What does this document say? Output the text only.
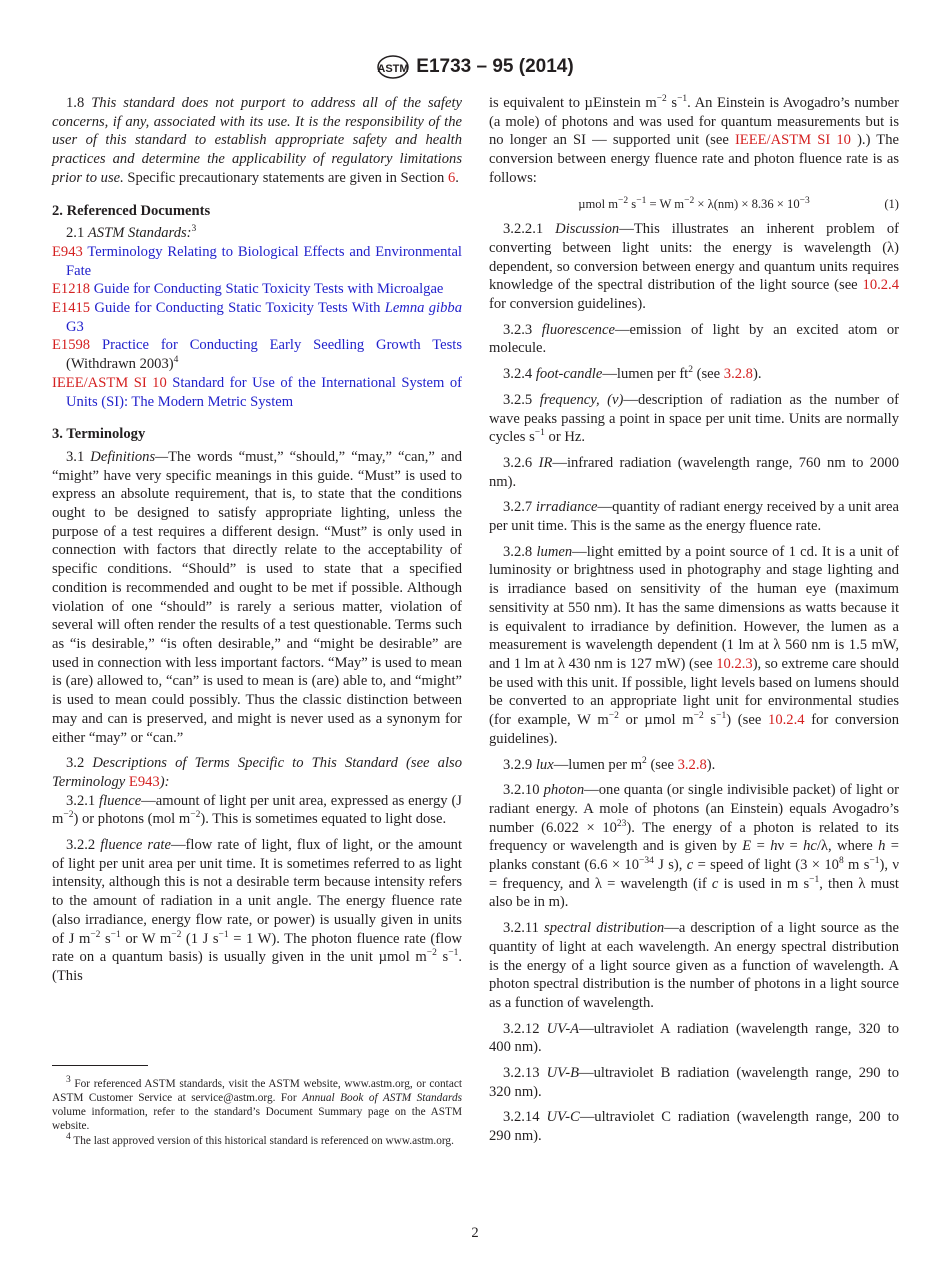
ASTM E1733 – 95 (2014)

1.8 This standard does not purport to address all of the safety concerns, if any, associated with its use. It is the responsibility of the user of this standard to establish appropriate safety and health practices and determine the applicability of regulatory limitations prior to use. Specific precautionary statements are given in Section 6.

2. Referenced Documents

2.1 ASTM Standards:$^3$

E943 Terminology Relating to Biological Effects and Environmental Fate

E1218 Guide for Conducting Static Toxicity Tests with Microalgae

E1415 Guide for Conducting Static Toxicity Tests With Lemna gibba G3

E1598 Practice for Conducting Early Seedling Growth Tests (Withdrawn 2003)$^4$

IEEE/ASTM SI 10 Standard for Use of the International System of Units (SI): The Modern Metric System

3. Terminology

3.1 Definitions—The words “must,” “should,” “may,” “can,” and “might” have very specific meanings in this guide. “Must” is used to express an absolute requirement, that is, to state that the conditions ought to be designed to satisfy appropriate lighting, unless the purpose of a test requires a different design. “Must” is only used in connection with factors that directly relate to the acceptability of specific conditions. “Should” is used to state that a specified condition is recommended and ought to be met if possible. Although violation of one “should” is rarely a serious matter, violation of several will often render the results of a test questionable. Terms such as “is desirable,” “is often desirable,” and “might be desirable” are used in connection with less important factors. “May” is used to mean is (are) allowed to, “can” is used to mean is (are) able to, and “might” is used to mean could possibly. Thus the classic distinction between may and can is preserved, and might is never used as a synonym for either “may” or “can.”

3.2 Descriptions of Terms Specific to This Standard (see also Terminology E943):

3.2.1 fluence—amount of light per unit area, expressed as energy (J $m^{-2}$) or photons (mol $m^{-2}$). This is sometimes equated to light dose.

3.2.2 fluence rate—flow rate of light, flux of light, or the amount of light per unit area per unit time. It is sometimes referred to as light intensity, although this is not a desirable term because intensity refers to the amount of radiation in a unit angle. The energy fluence rate (also irradiance, energy flow rate, or power) is usually given in units of J $m^{-2}$ $s^{-1}$ or W $m^{-2}$ (1 J $s^{-1} = 1$ W). The photon fluence rate (flow rate on a quantum basis) is usually given in the unit µmol $m^{-2}$ $s^{-1}$. (This

is equivalent to µEinstein $m^{-2}$ $s^{-1}$. An Einstein is Avogadro’s number (a mole) of photons and was used for quantum measurements but is no longer an SI — supported unit (see IEEE/ASTM SI 10 ).) The conversion between energy fluence rate and photon fluence rate is as follows:

µmol $m^{-2}$ $s^{-1} = W$ $m^{-2} \times \lambda(nm) \times 8.36 \times 10^{-3}$	(1)

3.2.2.1 Discussion—This illustrates an inherent problem of converting between light units: the energy is wavelength (λ) dependent, so conversion between energy and quantum units requires knowledge of the spectral distribution of the light source (see 10.2.4 for conversion guidelines).

3.2.3 fluorescence—emission of light by an excited atom or molecule.

3.2.4 foot-candle—lumen per $ft^2$ (see 3.2.8).

3.2.5 frequency, (ν)—description of radiation as the number of wave peaks passing a point in space per unit time. Units are normally cycles $s^{-1}$ or Hz.

3.2.6 IR—infrared radiation (wavelength range, 760 nm to 2000 nm).

3.2.7 irradiance—quantity of radiant energy received by a unit area per unit time. This is the same as the energy fluence rate.

3.2.8 lumen—light emitted by a point source of 1 cd. It is a unit of luminosity or brightness used in photography and stage lighting and is irradiance based on sensitivity of the human eye (maximum sensitivity at 550 nm). It has the same dimensions as watts because it is equivalent to irradiance by definition. However, the lumen as a measurement is wavelength dependent (1 lm at λ 560 nm is 1.5 mW, and 1 lm at λ 430 nm is 127 mW) (see 10.2.3), so extreme care should be used with this unit. If possible, light levels based on lumens should be converted to an appropriate light unit for environmental studies (for example, W $m^{-2}$ or µmol $m^{-2}$ $s^{-1}$) (see 10.2.4 for conversion guidelines).

3.2.9 lux—lumen per $m^2$ (see 3.2.8).

3.2.10 photon—one quanta (or single indivisible packet) of light or radiant energy. A mole of photons (an Einstein) equals Avogadro’s number $(6.022 \times 10^{23})$. The energy of a photon is related to its frequency or wavelength and is given by E = hν = hc/λ, where h = planks constant ($6.6 \times 10^{-34}$ J s), c = speed of light ($3 \times 10^8$ m $s^{-1}$), ν = frequency, and λ = wavelength (if c is used in m $s^{-1}$, then λ must also be in m).

3.2.11 spectral distribution—a description of a light source as the quantity of light at each wavelength. An energy spectral distribution is the energy of a light source given as a function of wavelength. A photon spectral distribution is the number of photons in a light source as a function of wavelength.

3.2.12 UV-A—ultraviolet A radiation (wavelength range, 320 to 400 nm).

3.2.13 UV-B—ultraviolet B radiation (wavelength range, 290 to 320 nm).

3.2.14 UV-C—ultraviolet C radiation (wavelength range, 200 to 290 nm).

$^3$ For referenced ASTM standards, visit the ASTM website, www.astm.org, or contact ASTM Customer Service at service@astm.org. For Annual Book of ASTM Standards volume information, refer to the standard’s Document Summary page on the ASTM website.

$^4$ The last approved version of this historical standard is referenced on www.astm.org.

2
